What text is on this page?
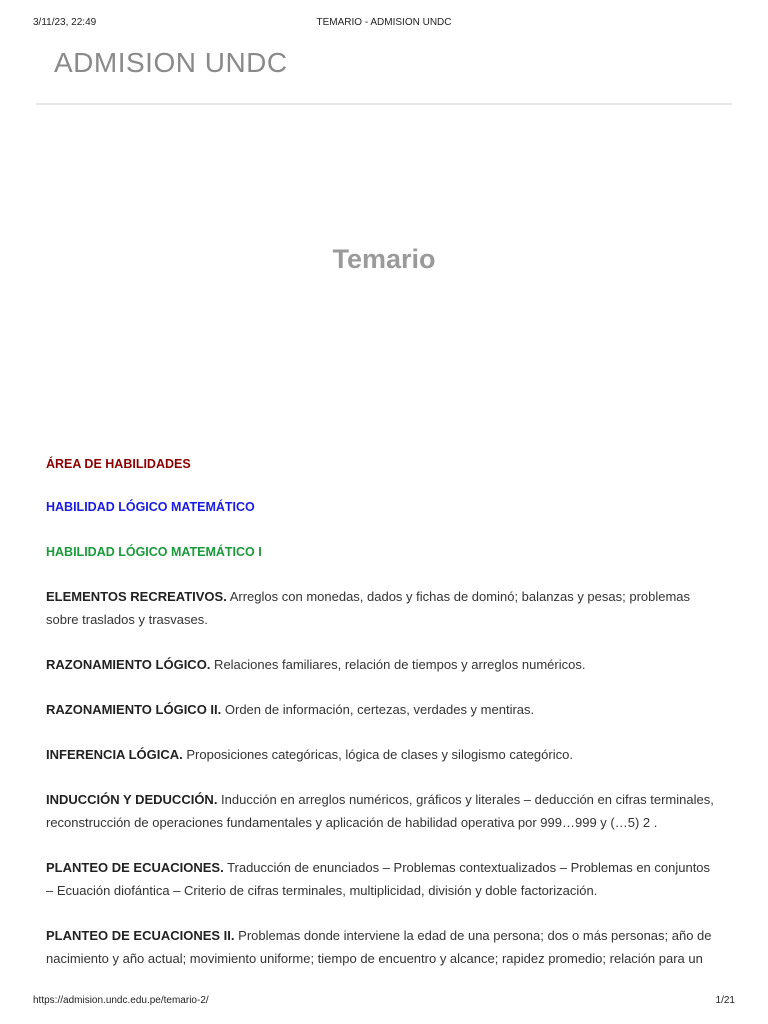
3/11/23, 22:49	TEMARIO - ADMISION UNDC
ADMISION UNDC
Temario

ÁREA DE HABILIDADES

HABILIDAD LÓGICO MATEMÁTICO

HABILIDAD LÓGICO MATEMÁTICO I

ELEMENTOS RECREATIVOS. Arreglos con monedas, dados y fichas de dominó; balanzas y pesas; problemas
sobre traslados y trasvases.
RAZONAMIENTO LÓGICO. Relaciones familiares, relación de tiempos y arreglos numéricos.
RAZONAMIENTO LÓGICO II. Orden de información, certezas, verdades y mentiras.
INFERENCIA LÓGICA. Proposiciones categóricas, lógica de clases y silogismo categórico.
INDUCCIÓN Y DEDUCCIÓN. Inducción en arreglos numéricos, gráficos y literales – deducción en cifras terminales,
reconstrucción de operaciones fundamentales y aplicación de habilidad operativa por 999…999 y (…5) 2 .
PLANTEO DE ECUACIONES. Traducción de enunciados – Problemas contextualizados – Problemas en conjuntos
– Ecuación diofántica – Criterio de cifras terminales, multiplicidad, división y doble factorización.
PLANTEO DE ECUACIONES II. Problemas donde interviene la edad de una persona; dos o más personas; año de
nacimiento y año actual; movimiento uniforme; tiempo de encuentro y alcance; rapidez promedio; relación para un
https://admision.undc.edu.pe/temario-2/	1/21
